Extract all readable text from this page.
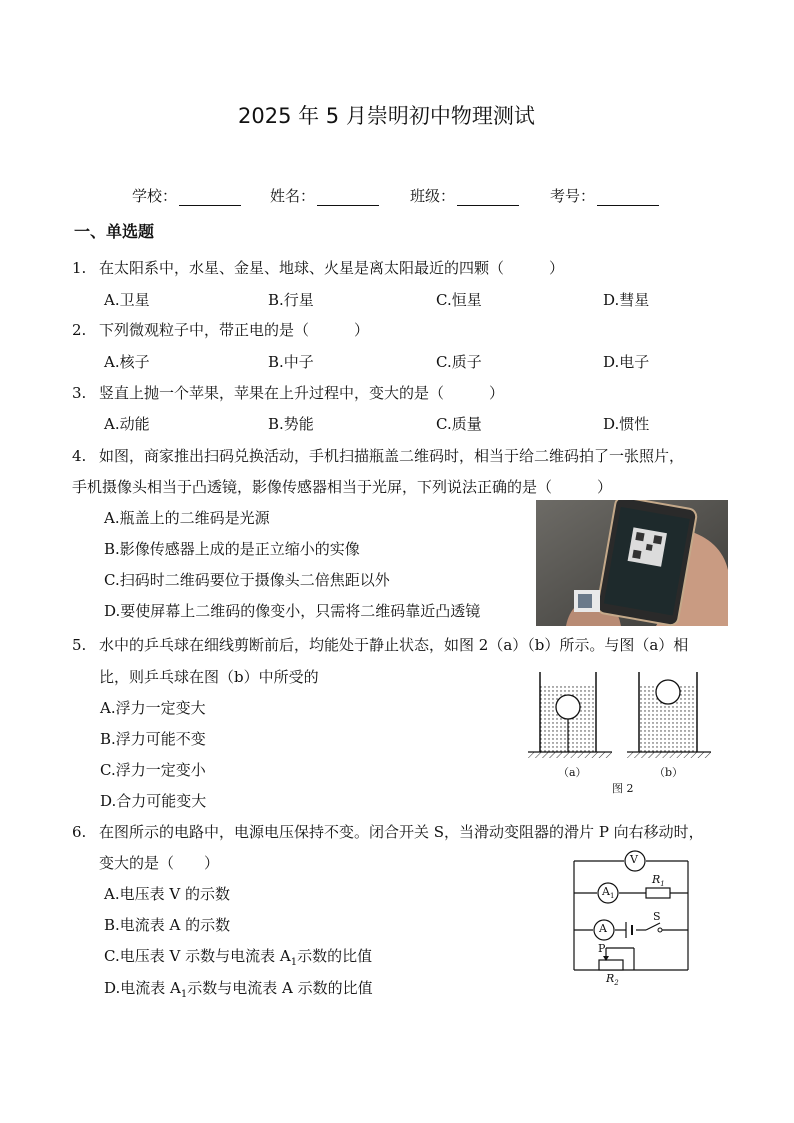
2025 年 5 月崇明初中物理测试
学校：	姓名：	班级：	考号：
一、单选题
1. 在太阳系中，水星、金星、地球、火星是离太阳最近的四颗（　　　）
A.卫星	B.行星	C.恒星	D.彗星
2. 下列微观粒子中，带正电的是（　　　）
A.核子	B.中子	C.质子	D.电子
3. 竖直上抛一个苹果，苹果在上升过程中，变大的是（　　　）
A.动能	B.势能	C.质量	D.惯性
4. 如图，商家推出扫码兑换活动，手机扫描瓶盖二维码时，相当于给二维码拍了一张照片，
手机摄像头相当于凸透镜，影像传感器相当于光屏，下列说法正确的是（　　　）
A.瓶盖上的二维码是光源
B.影像传感器上成的是正立缩小的实像
C.扫码时二维码要位于摄像头二倍焦距以外
D.要使屏幕上二维码的像变小，只需将二维码靠近凸透镜
5. 水中的乒乓球在细线剪断前后，均能处于静止状态，如图 2（a）（b）所示。与图（a）相
比，则乒乓球在图（b）中所受的
A.浮力一定变大
B.浮力可能不变
C.浮力一定变小
D.合力可能变大
（a）	（b）
图 2
6. 在图所示的电路中，电源电压保持不变。闭合开关 S，当滑动变阻器的滑片 P 向右移动时，
变大的是（　　）
A.电压表 V 的示数
B.电流表 A 的示数
C.电压表 V 示数与电流表 $A_1$示数的比值
D.电流表 $A_1$示数与电流表 A 示数的比值
V
$A_1$
A
$R_1$
S
P
$R_2$
